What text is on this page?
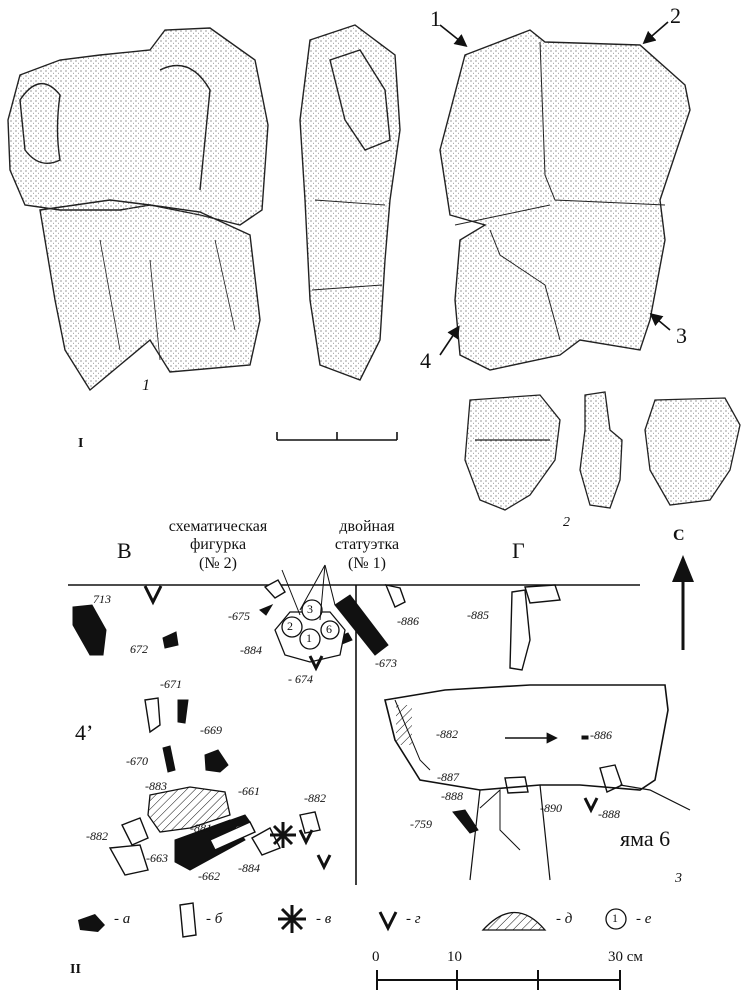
1
I
2
3
II
1	2
3
4
В	Г
С
4’
яма 6
схематическая
фигурка
(№ 2)
двойная
статуэтка
(№ 1)
3
2
1
6
713
672
-675
-884
- 674
-673
-886	-885
-671
-669
-670
-882	-886
-887
-888
-890	-888
-759
-883	-661	-882
-881
-882
-663
-662
-884
- а	- б	- в	- г	- д	- е
1
0	10	30 см
